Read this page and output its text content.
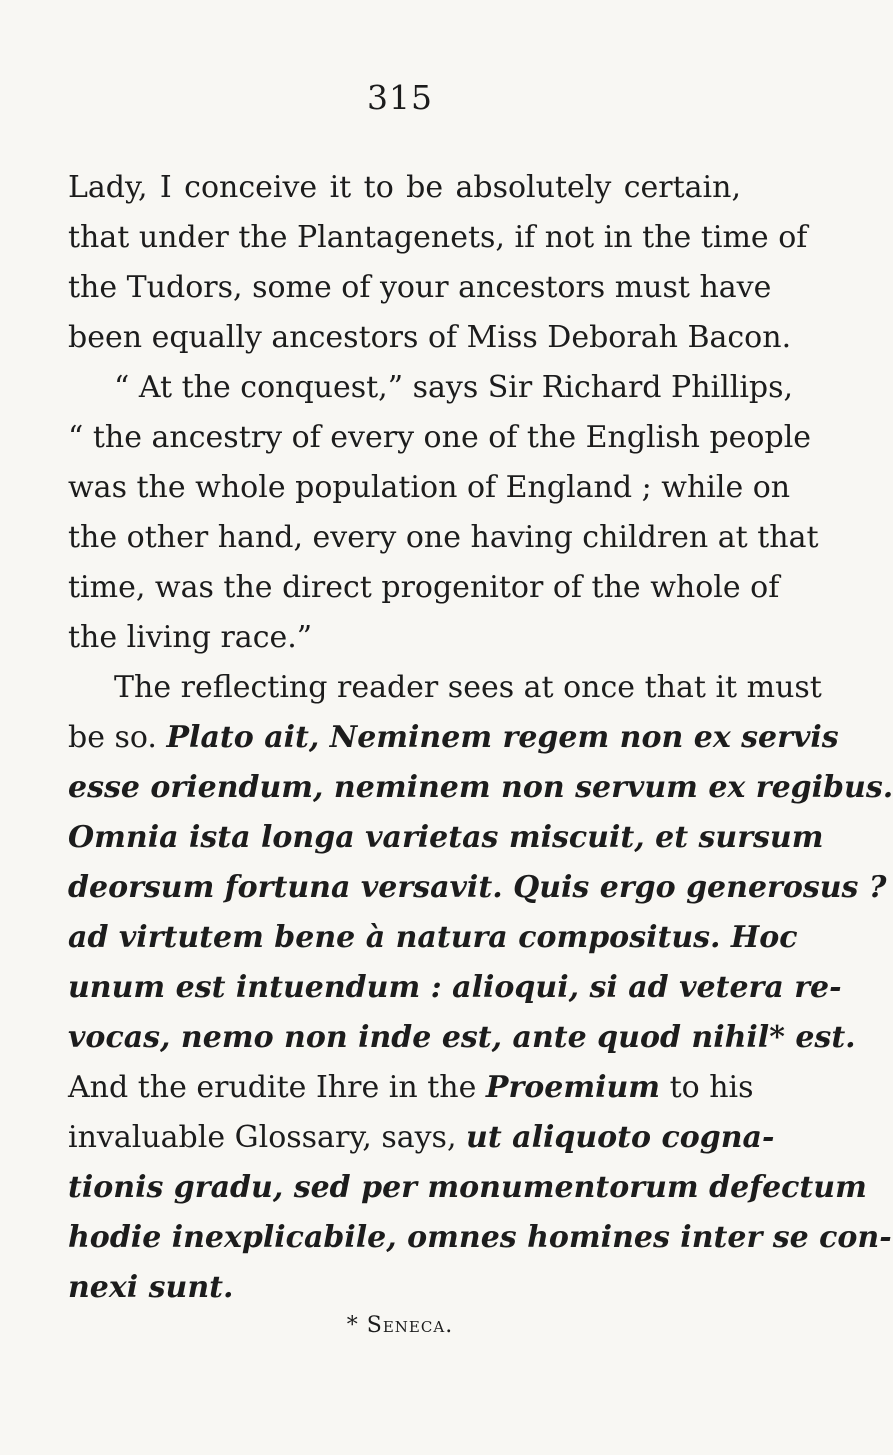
315
Lady, I conceive it to be absolutely certain,
that under the Plantagenets, if not in the time of
the Tudors, some of your ancestors must have
been equally ancestors of Miss Deborah Bacon.
“ At the conquest,” says Sir Richard Phillips,
“ the ancestry of every one of the English people
was the whole population of England ; while on
the other hand, every one having children at that
time, was the direct progenitor of the whole of
the living race.”
The reflecting reader sees at once that it must
be so. Plato ait, Neminem regem non ex servis
esse oriendum, neminem non servum ex regibus.
Omnia ista longa varietas miscuit, et sursum
deorsum fortuna versavit. Quis ergo generosus ?
ad virtutem bene à natura compositus. Hoc
unum est intuendum : alioqui, si ad vetera re-
vocas, nemo non inde est, ante quod nihil* est.
And the erudite Ihre in the Proemium to his
invaluable Glossary, says, ut aliquoto cogna-
tionis gradu, sed per monumentorum defectum
hodie inexplicabile, omnes homines inter se con-
nexi sunt.
* Seneca.
